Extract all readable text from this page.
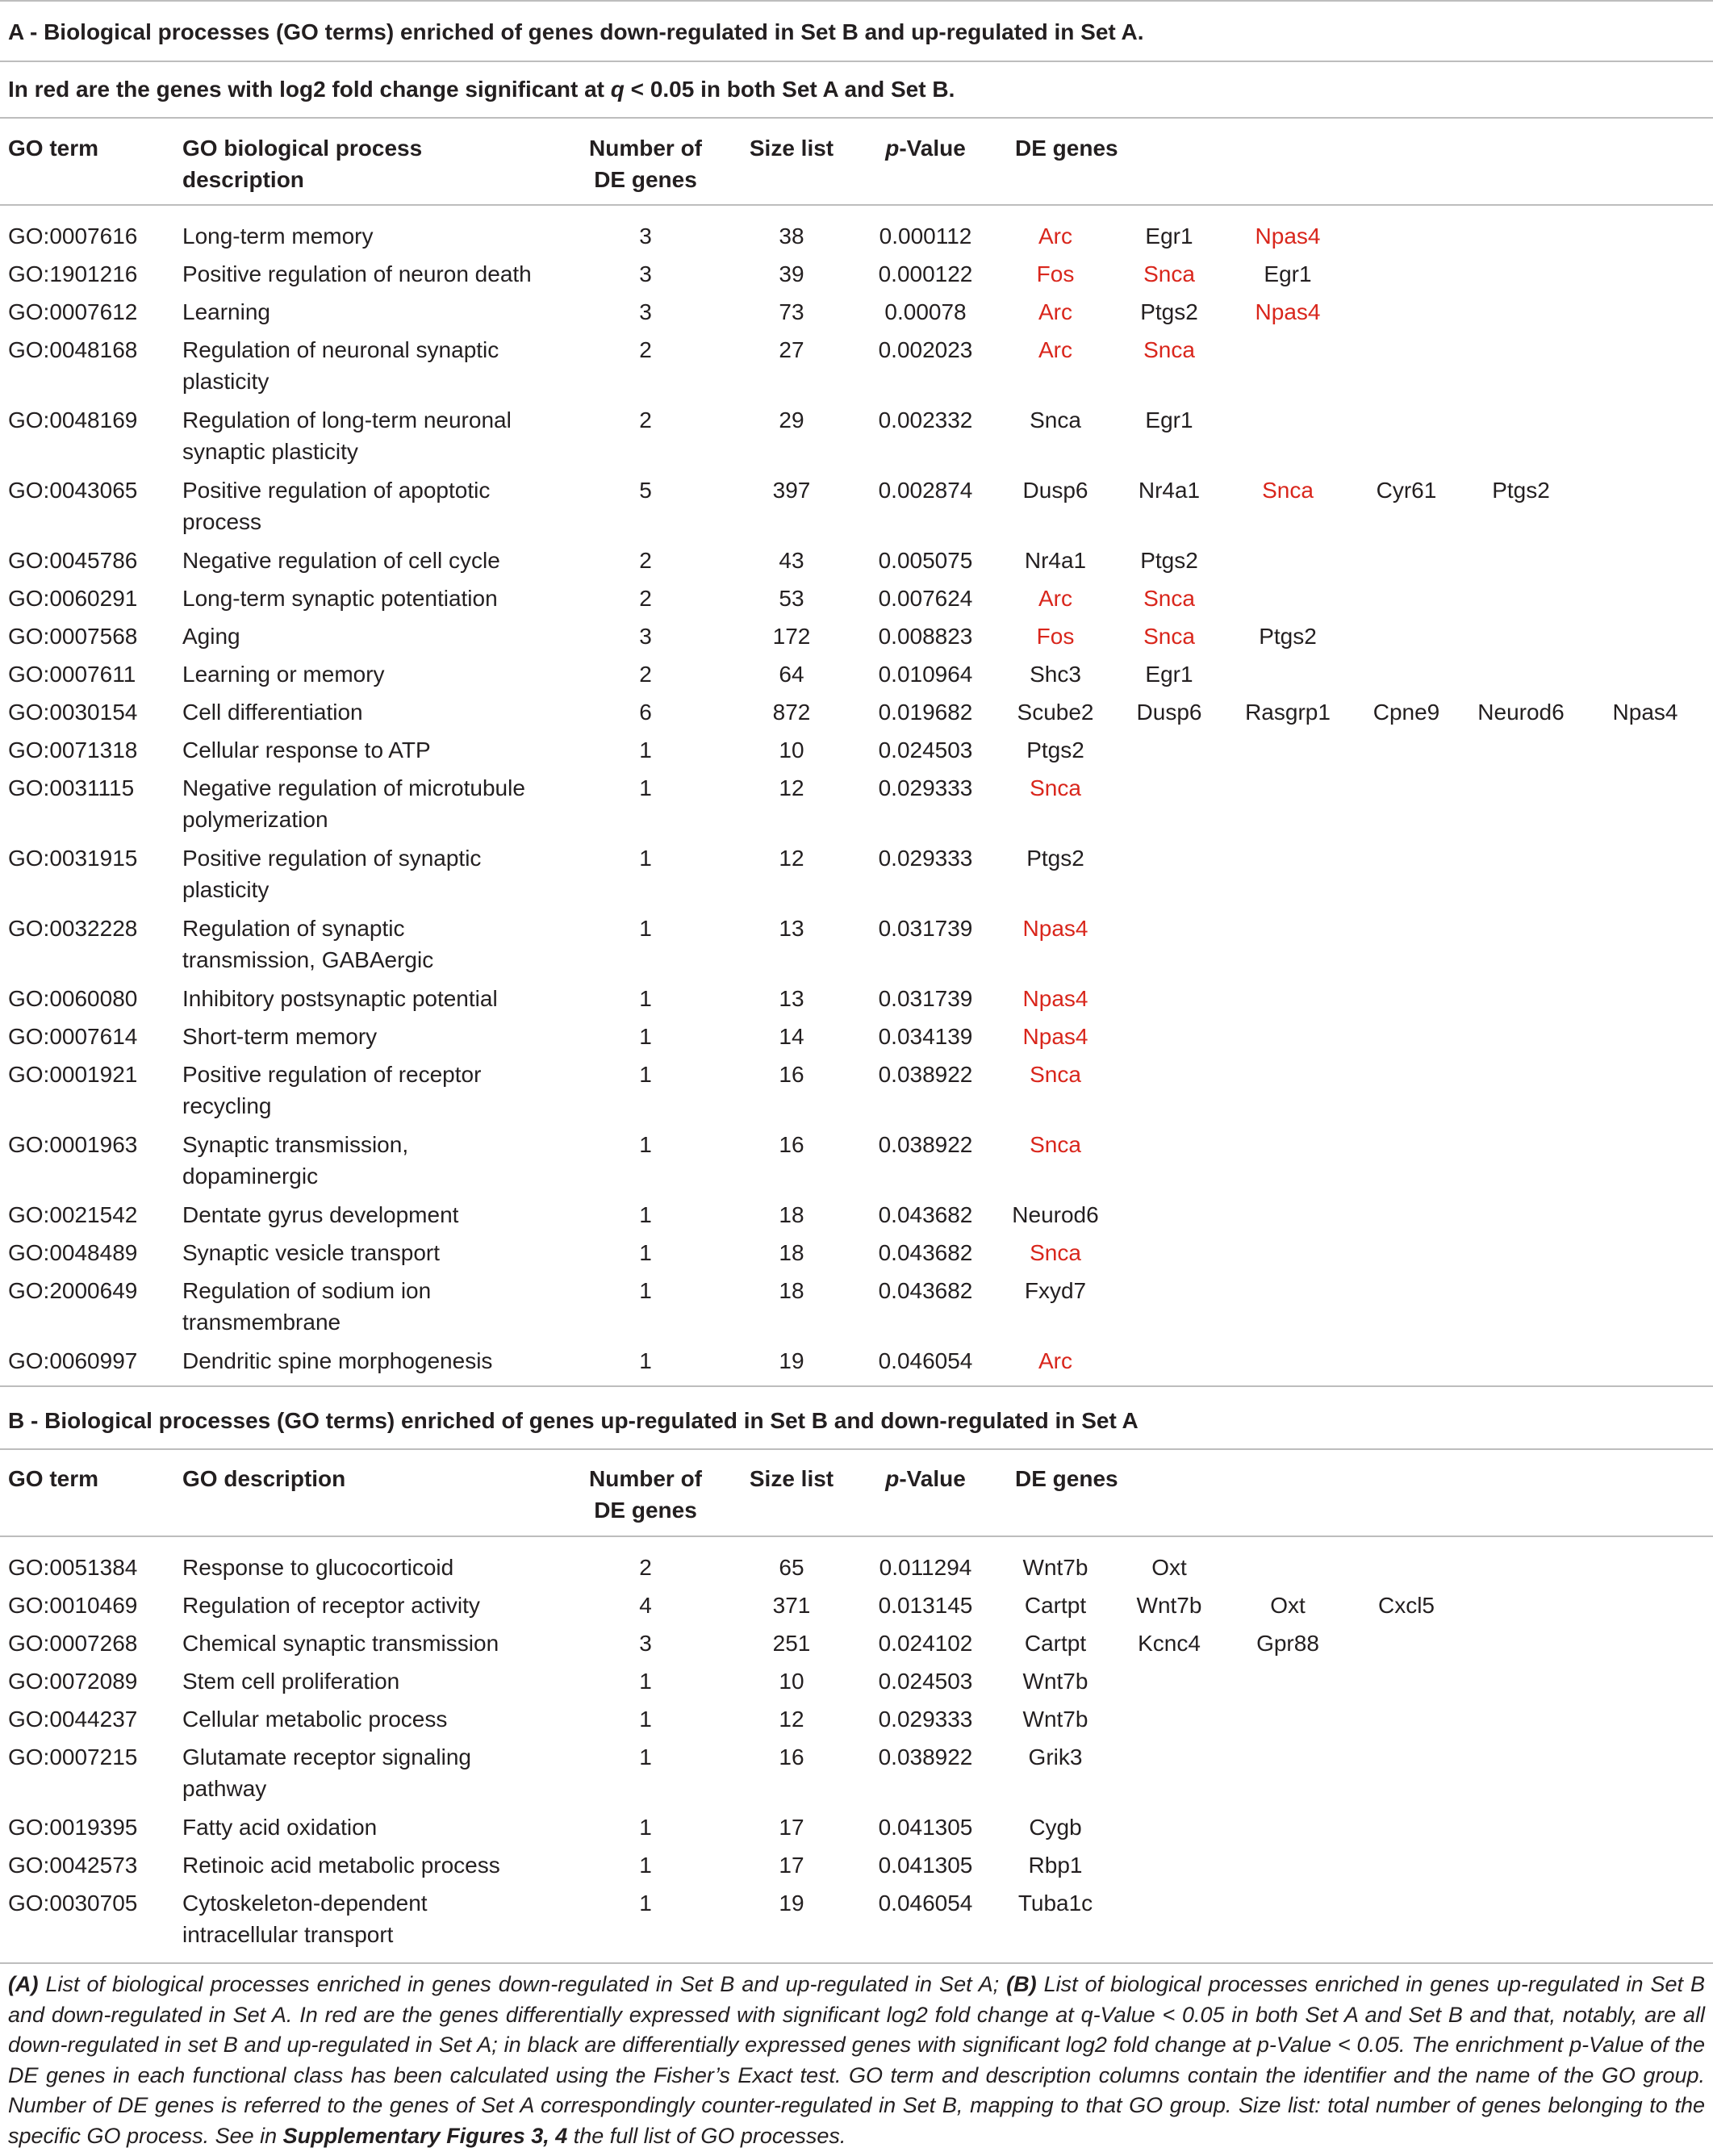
A - Biological processes (GO terms) enriched of genes down-regulated in Set B and up-regulated in Set A.
In red are the genes with log2 fold change significant at q < 0.05 in both Set A and Set B.
GO term	GO biological process
description
Number of
DE genes
Size list	p-Value	DE genes
GO:0007616 Long-term memory	3	38	0.000112	Arc	Egr1	Npas4
GO:1901216 Positive regulation of neuron death	3	39	0.000122	Fos	Snca	Egr1
GO:0007612 Learning	3	73	0.00078	Arc	Ptgs2	Npas4
GO:0048168 Regulation of neuronal synaptic
plasticity
2	27	0.002023	Arc	Snca
GO:0048169 Regulation of long-term neuronal
synaptic plasticity
2	29	0.002332	Snca	Egr1
GO:0043065 Positive regulation of apoptotic
process
5	397	0.002874	Dusp6	Nr4a1	Snca	Cyr61	Ptgs2
GO:0045786 Negative regulation of cell cycle	2	43	0.005075	Nr4a1	Ptgs2
GO:0060291 Long-term synaptic potentiation	2	53	0.007624	Arc	Snca
GO:0007568 Aging	3	172	0.008823	Fos	Snca	Ptgs2
GO:0007611 Learning or memory	2	64	0.010964	Shc3	Egr1
GO:0030154 Cell differentiation	6	872	0.019682	Scube2	Dusp6	Rasgrp1	Cpne9	Neurod6	Npas4
GO:0071318 Cellular response to ATP	1	10	0.024503	Ptgs2
GO:0031115 Negative regulation of microtubule
polymerization
1	12	0.029333	Snca
GO:0031915 Positive regulation of synaptic
plasticity
1	12	0.029333	Ptgs2
GO:0032228 Regulation of synaptic
transmission, GABAergic
1	13	0.031739	Npas4
GO:0060080 Inhibitory postsynaptic potential	1	13	0.031739	Npas4
GO:0007614 Short-term memory	1	14	0.034139	Npas4
GO:0001921 Positive regulation of receptor
recycling
1	16	0.038922	Snca
GO:0001963 Synaptic transmission,
dopaminergic
1	16	0.038922	Snca
GO:0021542 Dentate gyrus development	1	18	0.043682	Neurod6
GO:0048489 Synaptic vesicle transport	1	18	0.043682	Snca
GO:2000649 Regulation of sodium ion
transmembrane
1	18	0.043682	Fxyd7
GO:0060997 Dendritic spine morphogenesis	1	19	0.046054	Arc
B - Biological processes (GO terms) enriched of genes up-regulated in Set B and down-regulated in Set A
GO term	GO description	Number of
DE genes
Size list	p-Value	DE genes
GO:0051384 Response to glucocorticoid	2	65	0.011294	Wnt7b	Oxt
GO:0010469 Regulation of receptor activity	4	371	0.013145	Cartpt	Wnt7b	Oxt	Cxcl5
GO:0007268 Chemical synaptic transmission	3	251	0.024102	Cartpt	Kcnc4	Gpr88
GO:0072089 Stem cell proliferation	1	10	0.024503	Wnt7b
GO:0044237 Cellular metabolic process	1	12	0.029333	Wnt7b
GO:0007215 Glutamate receptor signaling
pathway
1	16	0.038922	Grik3
GO:0019395 Fatty acid oxidation	1	17	0.041305	Cygb
GO:0042573 Retinoic acid metabolic process	1	17	0.041305	Rbp1
GO:0030705 Cytoskeleton-dependent
intracellular transport
1	19	0.046054	Tuba1c
(A) List of biological processes enriched in genes down-regulated in Set B and up-regulated in Set A; (B) List of biological processes enriched in genes up-regulated in Set B and down-regulated in Set A. In red are the genes differentially expressed with significant log2 fold change at q-Value < 0.05 in both Set A and Set B and that, notably, are all down-regulated in set B and up-regulated in Set A; in black are differentially expressed genes with significant log2 fold change at p-Value < 0.05. The enrichment p-Value of the DE genes in each functional class has been calculated using the Fisher’s Exact test. GO term and description columns contain the identifier and the name of the GO group. Number of DE genes is referred to the genes of Set A correspondingly counter-regulated in Set B, mapping to that GO group. Size list: total number of genes belonging to the specific GO process. See in Supplementary Figures 3, 4 the full list of GO processes.
